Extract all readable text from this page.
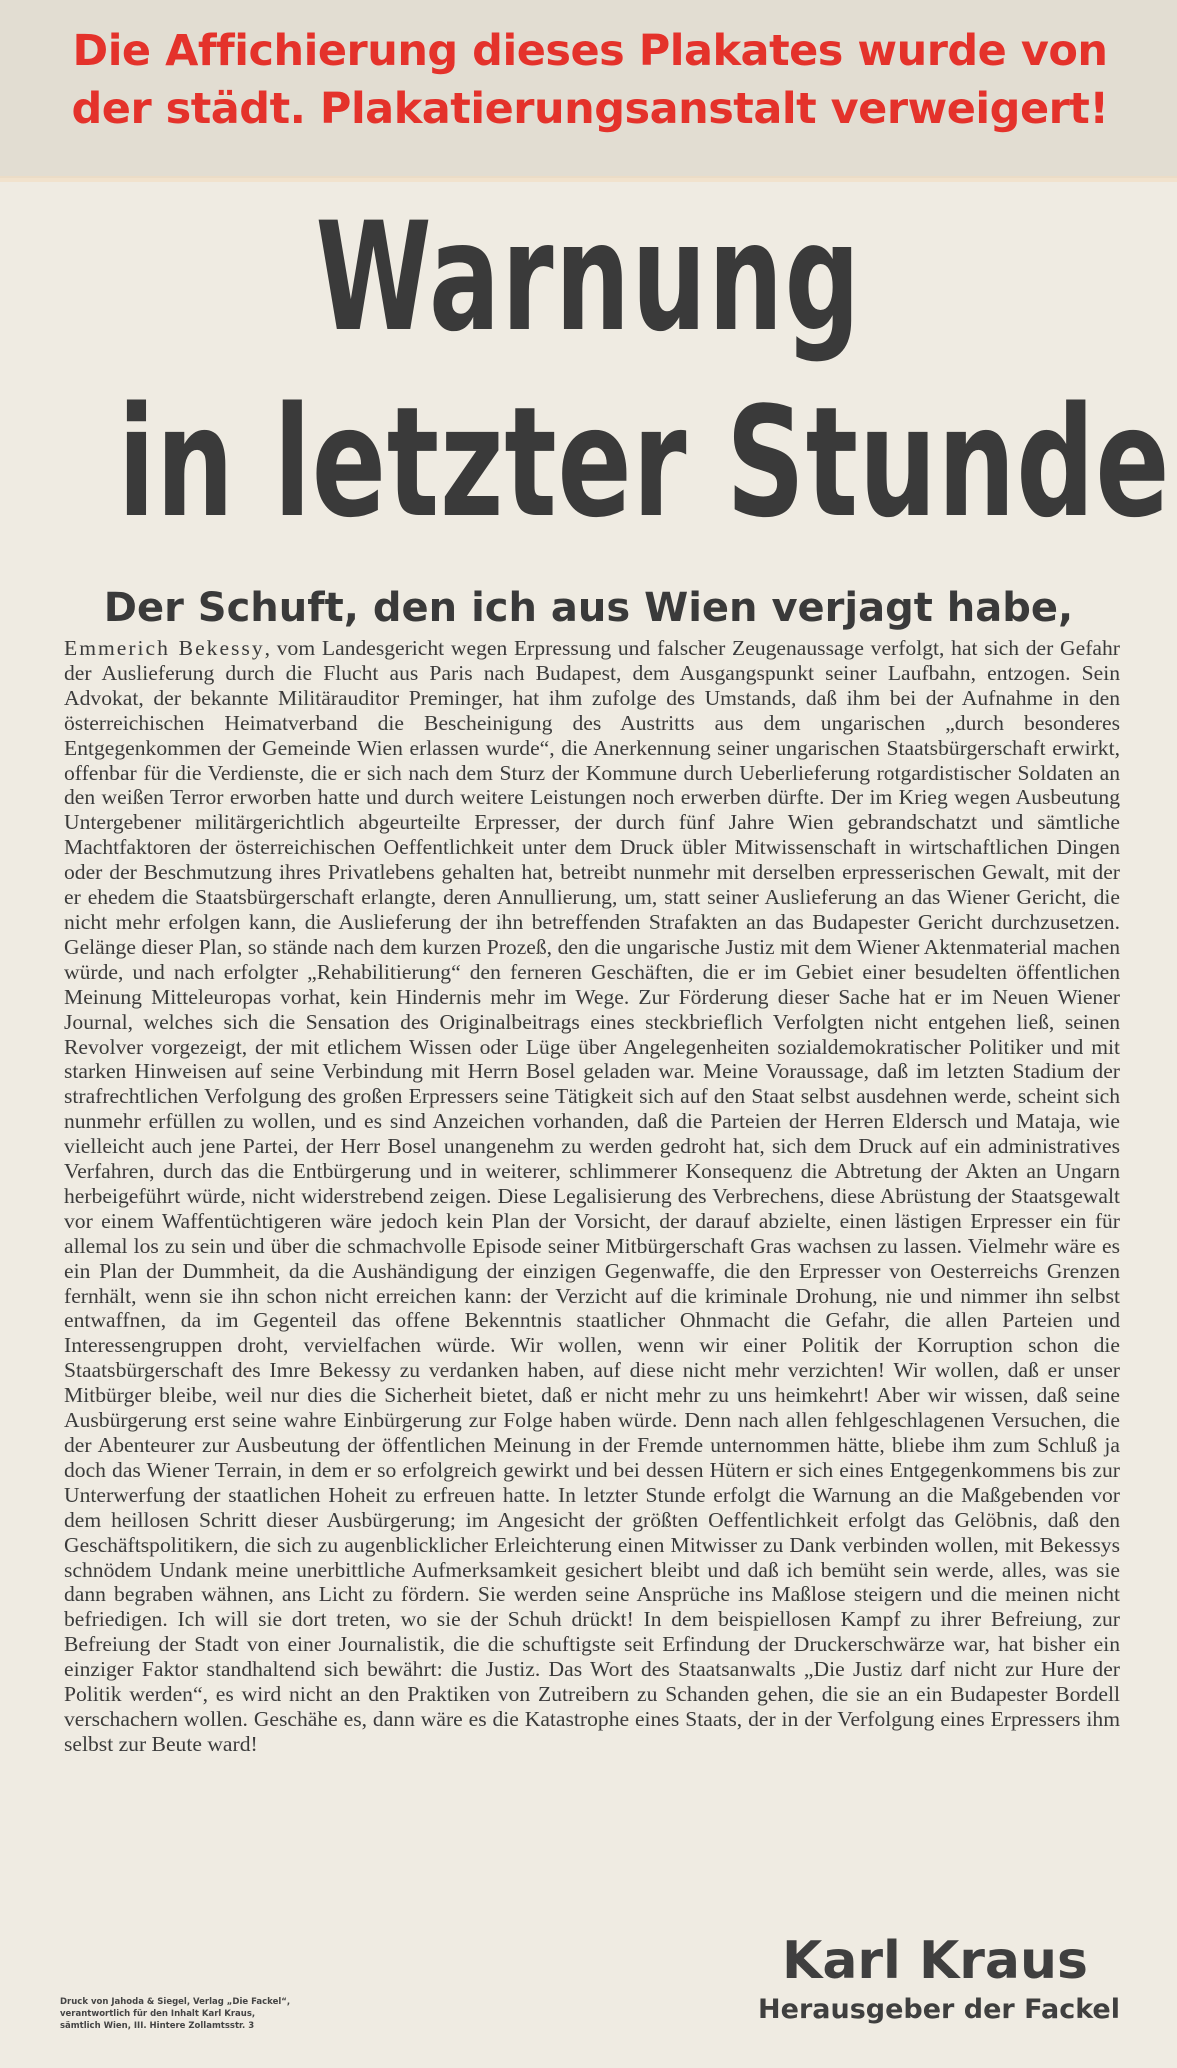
Die Affichierung dieses Plakates wurde von
der städt. Plakatierungsanstalt verweigert!
Warnung
in letzter Stunde
Der Schuft, den ich aus Wien verjagt habe,
Emmerich Bekessy, vom Landesgericht wegen Erpressung und falscher Zeugenaussage verfolgt, hat sich der Gefahr der Auslieferung durch die Flucht aus Paris nach Budapest, dem Ausgangspunkt seiner Laufbahn, entzogen. Sein Advokat, der bekannte Militärauditor Preminger, hat ihm zufolge des Umstands, daß ihm bei der Aufnahme in den österreichischen Heimatverband die Bescheinigung des Austritts aus dem ungarischen „durch besonderes Entgegenkommen der Gemeinde Wien erlassen wurde“, die Anerkennung seiner ungarischen Staatsbürgerschaft erwirkt, offenbar für die Verdienste, die er sich nach dem Sturz der Kommune durch Ueberlieferung rotgardistischer Soldaten an den weißen Terror erworben hatte und durch weitere Leistungen noch erwerben dürfte. Der im Krieg wegen Ausbeutung Untergebener militärgerichtlich abgeurteilte Erpresser, der durch fünf Jahre Wien gebrandschatzt und sämtliche Machtfaktoren der österreichischen Oeffentlichkeit unter dem Druck übler Mitwissenschaft in wirtschaftlichen Dingen oder der Beschmutzung ihres Privatlebens gehalten hat, betreibt nunmehr mit derselben erpresserischen Gewalt, mit der er ehedem die Staatsbürgerschaft erlangte, deren Annullierung, um, statt seiner Auslieferung an das Wiener Gericht, die nicht mehr erfolgen kann, die Auslieferung der ihn betreffenden Strafakten an das Budapester Gericht durchzusetzen. Gelänge dieser Plan, so stände nach dem kurzen Prozeß, den die ungarische Justiz mit dem Wiener Aktenmaterial machen würde, und nach erfolgter „Rehabilitierung“ den ferneren Geschäften, die er im Gebiet einer besudelten öffentlichen Meinung Mitteleuropas vorhat, kein Hindernis mehr im Wege. Zur Förderung dieser Sache hat er im Neuen Wiener Journal, welches sich die Sensation des Originalbeitrags eines steckbrieflich Verfolgten nicht entgehen ließ, seinen Revolver vorgezeigt, der mit etlichem Wissen oder Lüge über Angelegenheiten sozialdemokratischer Politiker und mit starken Hinweisen auf seine Verbindung mit Herrn Bosel geladen war. Meine Voraussage, daß im letzten Stadium der strafrechtlichen Verfolgung des großen Erpressers seine Tätigkeit sich auf den Staat selbst ausdehnen werde, scheint sich nunmehr erfüllen zu wollen, und es sind Anzeichen vorhanden, daß die Parteien der Herren Eldersch und Mataja, wie vielleicht auch jene Partei, der Herr Bosel unangenehm zu werden gedroht hat, sich dem Druck auf ein administratives Verfahren, durch das die Entbürgerung und in weiterer, schlimmerer Konsequenz die Abtretung der Akten an Ungarn herbeigeführt würde, nicht widerstrebend zeigen. Diese Legalisierung des Verbrechens, diese Abrüstung der Staatsgewalt vor einem Waffentüchtigeren wäre jedoch kein Plan der Vorsicht, der darauf abzielte, einen lästigen Erpresser ein für allemal los zu sein und über die schmachvolle Episode seiner Mitbürgerschaft Gras wachsen zu lassen. Vielmehr wäre es ein Plan der Dummheit, da die Aushändigung der einzigen Gegenwaffe, die den Erpresser von Oesterreichs Grenzen fernhält, wenn sie ihn schon nicht erreichen kann: der Verzicht auf die kriminale Drohung, nie und nimmer ihn selbst entwaffnen, da im Gegenteil das offene Bekenntnis staatlicher Ohnmacht die Gefahr, die allen Parteien und Interessengruppen droht, vervielfachen würde. Wir wollen, wenn wir einer Politik der Korruption schon die Staatsbürgerschaft des Imre Bekessy zu verdanken haben, auf diese nicht mehr verzichten! Wir wollen, daß er unser Mitbürger bleibe, weil nur dies die Sicherheit bietet, daß er nicht mehr zu uns heimkehrt! Aber wir wissen, daß seine Ausbürgerung erst seine wahre Einbürgerung zur Folge haben würde. Denn nach allen fehlgeschlagenen Versuchen, die der Abenteurer zur Ausbeutung der öffentlichen Meinung in der Fremde unternommen hätte, bliebe ihm zum Schluß ja doch das Wiener Terrain, in dem er so erfolgreich gewirkt und bei dessen Hütern er sich eines Entgegenkommens bis zur Unterwerfung der staatlichen Hoheit zu erfreuen hatte. In letzter Stunde erfolgt die Warnung an die Maßgebenden vor dem heillosen Schritt dieser Ausbürgerung; im Angesicht der größten Oeffentlichkeit erfolgt das Gelöbnis, daß den Geschäftspolitikern, die sich zu augenblicklicher Erleichterung einen Mitwisser zu Dank verbinden wollen, mit Bekessys schnödem Undank meine unerbittliche Aufmerksamkeit gesichert bleibt und daß ich bemüht sein werde, alles, was sie dann begraben wähnen, ans Licht zu fördern. Sie werden seine Ansprüche ins Maßlose steigern und die meinen nicht befriedigen. Ich will sie dort treten, wo sie der Schuh drückt! In dem beispiellosen Kampf zu ihrer Befreiung, zur Befreiung der Stadt von einer Journalistik, die die schuftigste seit Erfindung der Druckerschwärze war, hat bisher ein einziger Faktor standhaltend sich bewährt: die Justiz. Das Wort des Staatsanwalts „Die Justiz darf nicht zur Hure der Politik werden“, es wird nicht an den Praktiken von Zutreibern zu Schanden gehen, die sie an ein Budapester Bordell verschachern wollen. Geschähe es, dann wäre es die Katastrophe eines Staats, der in der Verfolgung eines Erpressers ihm selbst zur Beute ward!
Druck von Jahoda & Siegel, Verlag „Die Fackel“,
verantwortlich für den Inhalt Karl Kraus,
sämtlich Wien, III. Hintere Zollamtsstr. 3
Karl Kraus
Herausgeber der Fackel
